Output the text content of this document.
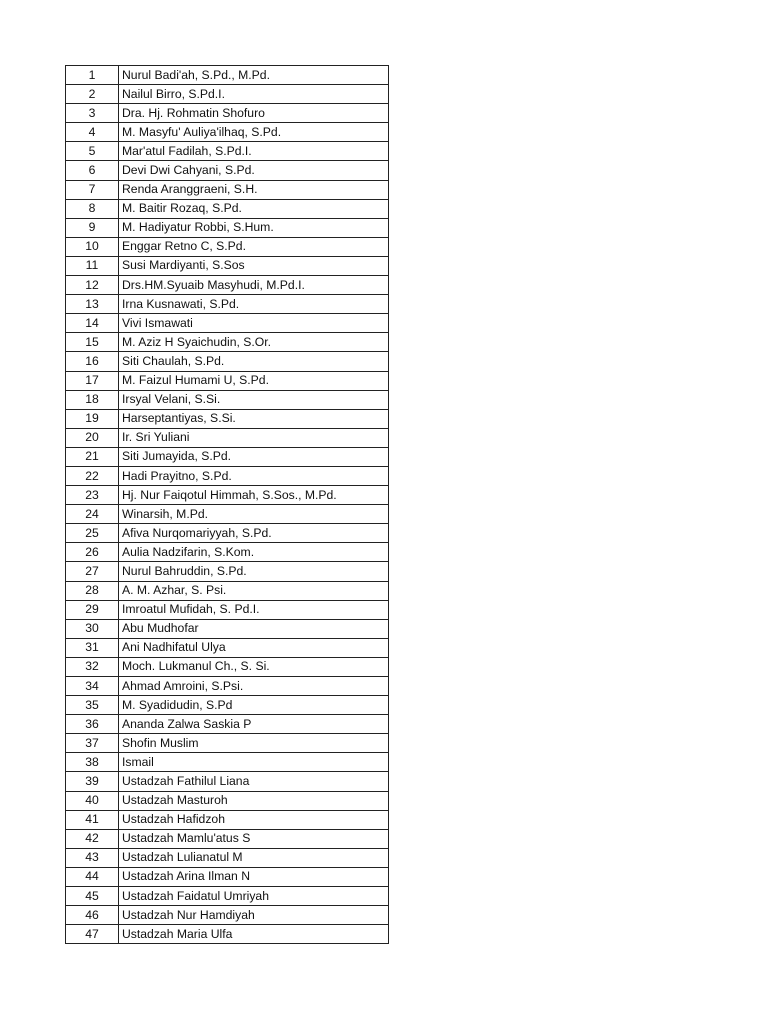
1	Nurul Badi'ah, S.Pd., M.Pd.
2	Nailul Birro, S.Pd.I.
3	Dra. Hj. Rohmatin Shofuro
4	M. Masyfu' Auliya'ilhaq, S.Pd.
5	Mar'atul Fadilah, S.Pd.I.
6	Devi Dwi Cahyani, S.Pd.
7	Renda Aranggraeni, S.H.
8	M. Baitir Rozaq, S.Pd.
9	M. Hadiyatur Robbi, S.Hum.
10	Enggar Retno C, S.Pd.
11	Susi Mardiyanti, S.Sos
12	Drs.HM.Syuaib Masyhudi, M.Pd.I.
13	Irna Kusnawati, S.Pd.
14	Vivi Ismawati
15	M. Aziz H Syaichudin, S.Or.
16	Siti Chaulah, S.Pd.
17	M. Faizul Humami U, S.Pd.
18	Irsyal Velani, S.Si.
19	Harseptantiyas, S.Si.
20	Ir. Sri Yuliani
21	Siti Jumayida, S.Pd.
22	Hadi Prayitno, S.Pd.
23	Hj. Nur Faiqotul Himmah, S.Sos., M.Pd.
24	Winarsih, M.Pd.
25	Afiva Nurqomariyyah, S.Pd.
26	Aulia Nadzifarin, S.Kom.
27	Nurul Bahruddin, S.Pd.
28	A. M. Azhar, S. Psi.
29	Imroatul Mufidah, S. Pd.I.
30	Abu Mudhofar
31	Ani Nadhifatul Ulya
32	Moch. Lukmanul Ch., S. Si.
34	Ahmad Amroini, S.Psi.
35	M. Syadidudin, S.Pd
36	Ananda Zalwa Saskia P
37	Shofin Muslim
38	Ismail
39	Ustadzah Fathilul Liana
40	Ustadzah Masturoh
41	Ustadzah Hafidzoh
42	Ustadzah Mamlu'atus S
43	Ustadzah Lulianatul M
44	Ustadzah Arina Ilman N
45	Ustadzah Faidatul Umriyah
46	Ustadzah Nur Hamdiyah
47	Ustadzah Maria Ulfa
